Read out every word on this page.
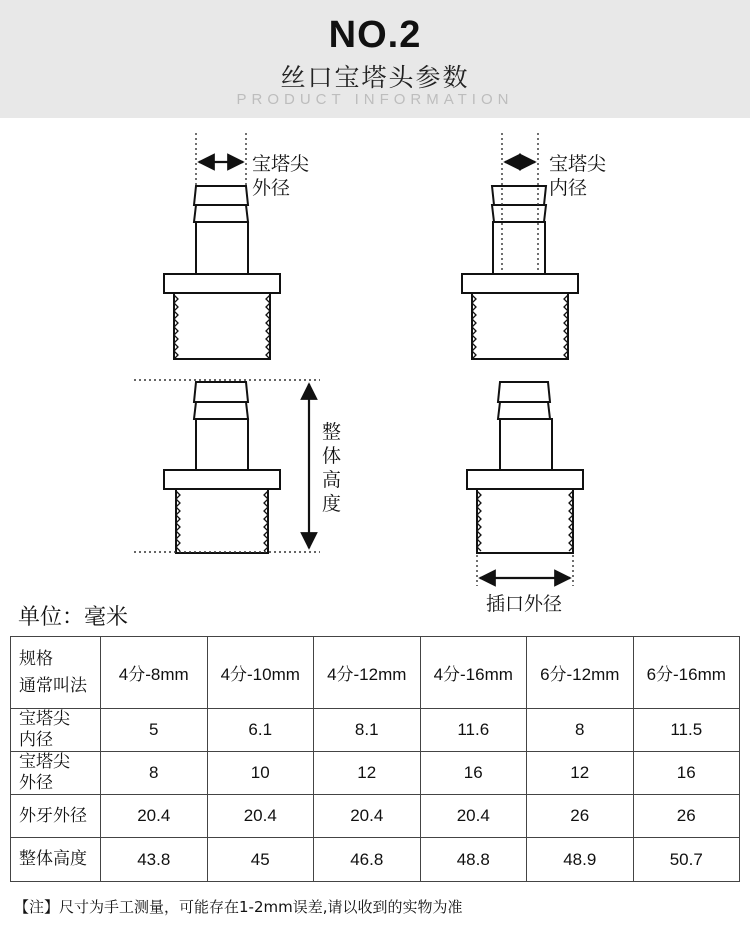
NO.2
丝口宝塔头参数
PRODUCT INFORMATION
宝塔尖
外径
宝塔尖
内径
整
体
高
度
插口外径
单位：毫米
规格
通常叫法	4分-8mm	4分-10mm	4分-12mm	4分-16mm	6分-12mm	6分-16mm

宝塔尖
内径	5	6.1	8.1	11.6	8	11.5

宝塔尖
外径	8	10	12	16	12	16
外牙外径	20.4	20.4	20.4	20.4	26	26
整体高度	43.8	45	46.8	48.8	48.9	50.7
【注】尺寸为手工测量，可能存在1-2mm误差,请以收到的实物为准
